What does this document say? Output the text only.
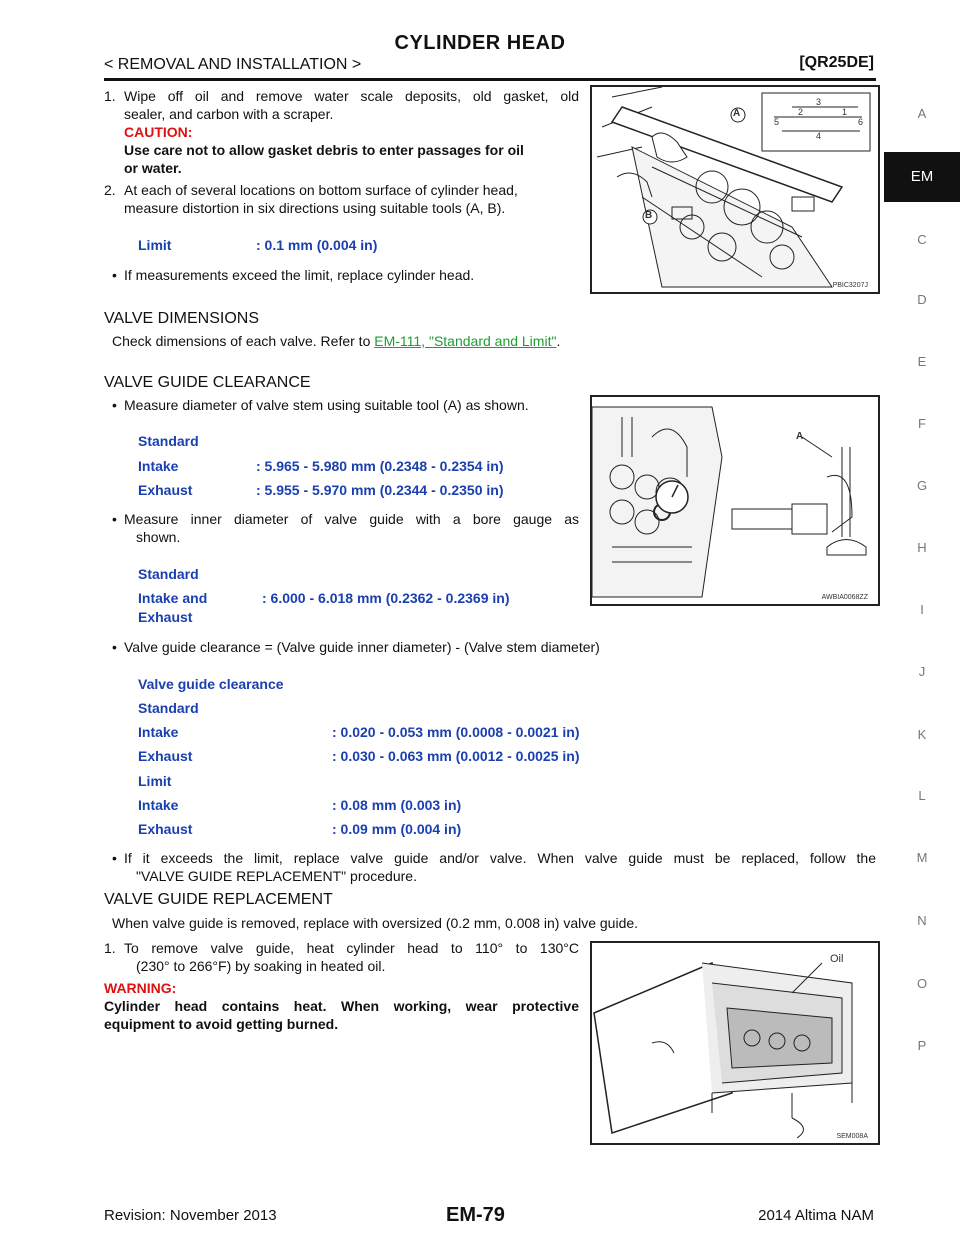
CYLINDER HEAD
< REMOVAL AND INSTALLATION >	[QR25DE]
1. Wipe off oil and remove water scale deposits, old gasket, old
sealer, and carbon with a scraper.
CAUTION:
Use care not to allow gasket debris to enter passages for oil
or water.
2. At each of several locations on bottom surface of cylinder head,
measure distortion in six directions using suitable tools (A, B).
Limit	: 0.1 mm (0.004 in)
• If measurements exceed the limit, replace cylinder head.
A
B
1
2
3
4
5	6
PBIC3207J
VALVE DIMENSIONS
Check dimensions of each valve. Refer to EM-111, "Standard and Limit".
VALVE GUIDE CLEARANCE
• Measure diameter of valve stem using suitable tool (A) as shown.
Standard
Intake	: 5.965 - 5.980 mm (0.2348 - 0.2354 in)
Exhaust	: 5.955 - 5.970 mm (0.2344 - 0.2350 in)
• Measure inner diameter of valve guide with a bore gauge as
shown.
Standard
Intake and
Exhaust
: 6.000 - 6.018 mm (0.2362 - 0.2369 in)
A
AWBIA0068ZZ
• Valve guide clearance = (Valve guide inner diameter) - (Valve stem diameter)
Valve guide clearance
Standard
Intake	: 0.020 - 0.053 mm (0.0008 - 0.0021 in)
Exhaust	: 0.030 - 0.063 mm (0.0012 - 0.0025 in)
Limit
Intake	: 0.08 mm (0.003 in)
Exhaust	: 0.09 mm (0.004 in)
• If it exceeds the limit, replace valve guide and/or valve. When valve guide must be replaced, follow the
"VALVE GUIDE REPLACEMENT" procedure.
VALVE GUIDE REPLACEMENT
When valve guide is removed, replace with oversized (0.2 mm, 0.008 in) valve guide.
1. To remove valve guide, heat cylinder head to 110° to 130°C
(230° to 266°F) by soaking in heated oil.
WARNING:
Cylinder head contains heat. When working, wear protective
equipment to avoid getting burned.
Oil
SEM008A
A
EM
C
D
E
F
G
H
I
J
K
L
M
N
O
P
Revision: November 2013	EM-79	2014 Altima NAM
